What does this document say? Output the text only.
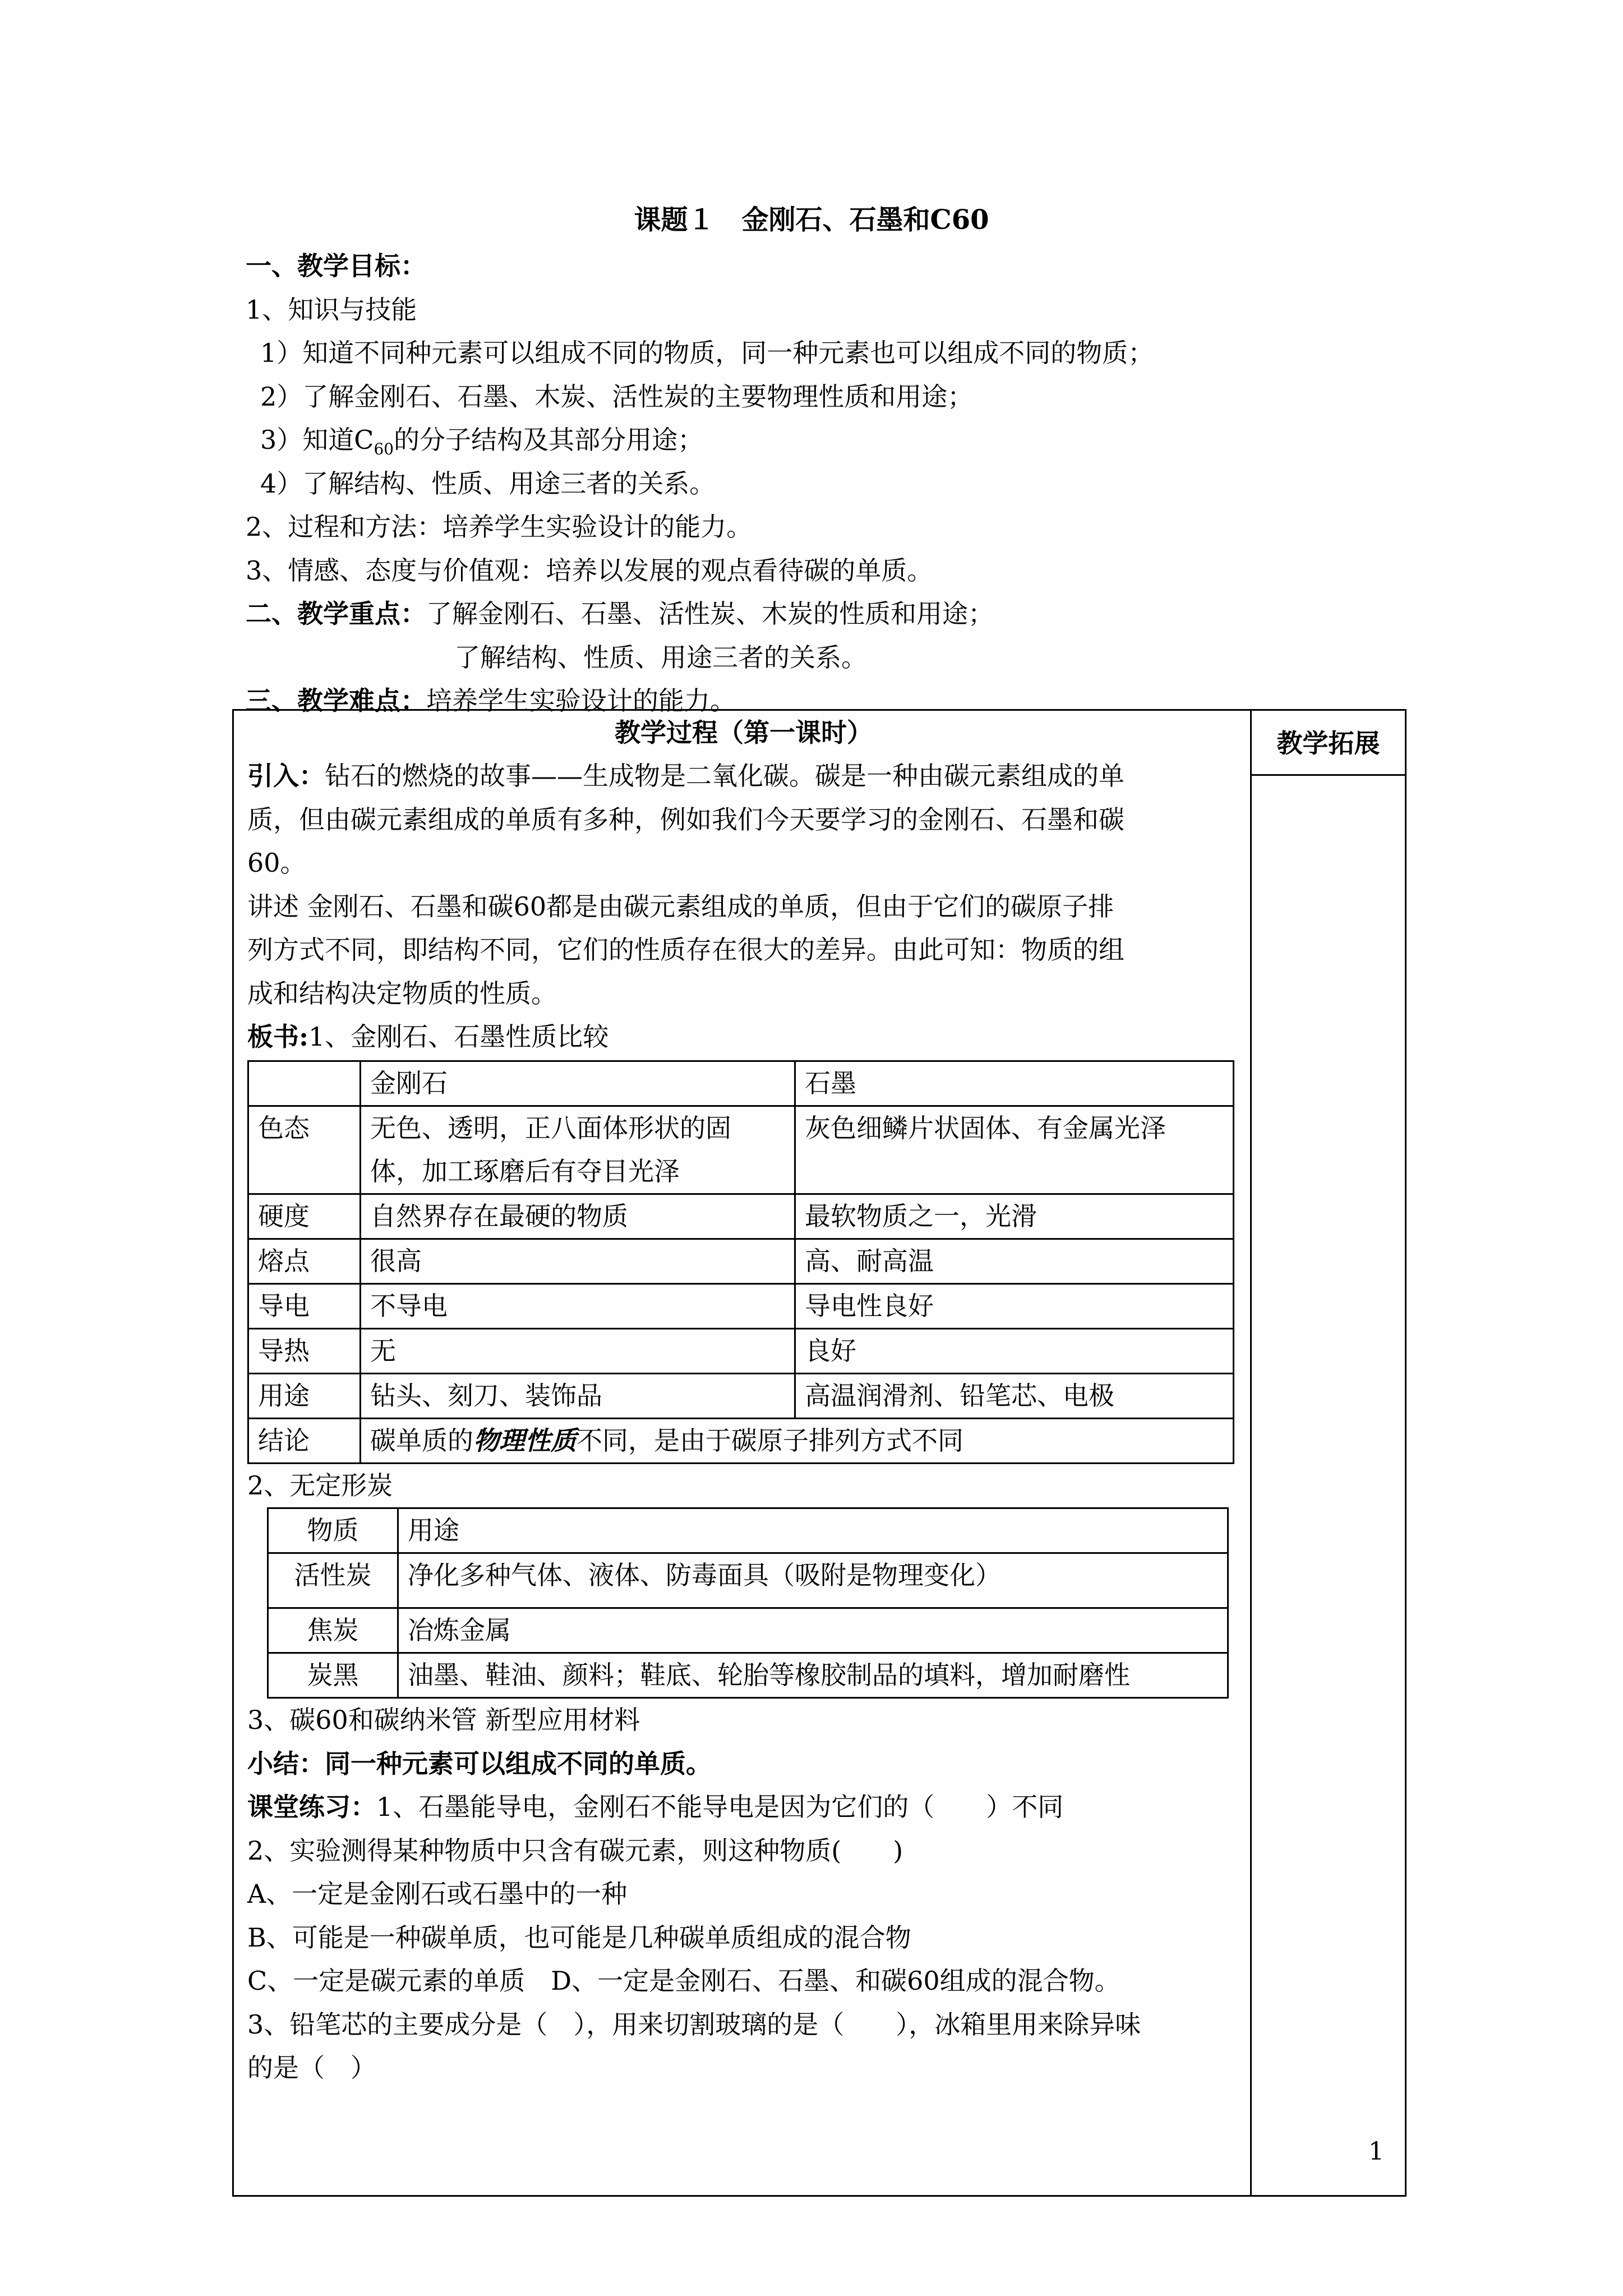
课题１　金刚石、石墨和C60
一、教学目标：
1、知识与技能
1）知道不同种元素可以组成不同的物质，同一种元素也可以组成不同的物质；
2）了解金刚石、石墨、木炭、活性炭的主要物理性质和用途；
3）知道$C_{60}$的分子结构及其部分用途；
4）了解结构、性质、用途三者的关系。
2、过程和方法：培养学生实验设计的能力。
3、情感、态度与价值观：培养以发展的观点看待碳的单质。
二、教学重点：了解金刚石、石墨、活性炭、木炭的性质和用途；
了解结构、性质、用途三者的关系。
三、教学难点：培养学生实验设计的能力。
教学拓展
教学过程（第一课时）
引入：钻石的燃烧的故事——生成物是二氧化碳。碳是一种由碳元素组成的单
质，但由碳元素组成的单质有多种，例如我们今天要学习的金刚石、石墨和碳
60。
讲述 金刚石、石墨和碳60都是由碳元素组成的单质，但由于它们的碳原子排
列方式不同，即结构不同，它们的性质存在很大的差异。由此可知：物质的组
成和结构决定物质的性质。
板书:1、金刚石、石墨性质比较
	金刚石	石墨
色态	无色、透明，正八面体形状的固
体，加工琢磨后有夺目光泽	灰色细鳞片状固体、有金属光泽
硬度	自然界存在最硬的物质	最软物质之一，光滑
熔点	很高	高、耐高温
导电	不导电	导电性良好
导热	无	良好
用途	钻头、刻刀、装饰品	高温润滑剂、铅笔芯、电极
结论	碳单质的物理性质不同，是由于碳原子排列方式不同	
2、无定形炭
物质	用途
活性炭	净化多种气体、液体、防毒面具（吸附是物理变化）
焦炭	冶炼金属
炭黑	油墨、鞋油、颜料；鞋底、轮胎等橡胶制品的填料，增加耐磨性
3、碳60和碳纳米管 新型应用材料
小结：同一种元素可以组成不同的单质。
课堂练习：1、石墨能导电，金刚石不能导电是因为它们的（　　）不同
2、实验测得某种物质中只含有碳元素，则这种物质(　　)
A、一定是金刚石或石墨中的一种
B、可能是一种碳单质，也可能是几种碳单质组成的混合物
C、一定是碳元素的单质　D、一定是金刚石、石墨、和碳60组成的混合物。
3、铅笔芯的主要成分是（　），用来切割玻璃的是（　　），冰箱里用来除异味
的是（　）
1
